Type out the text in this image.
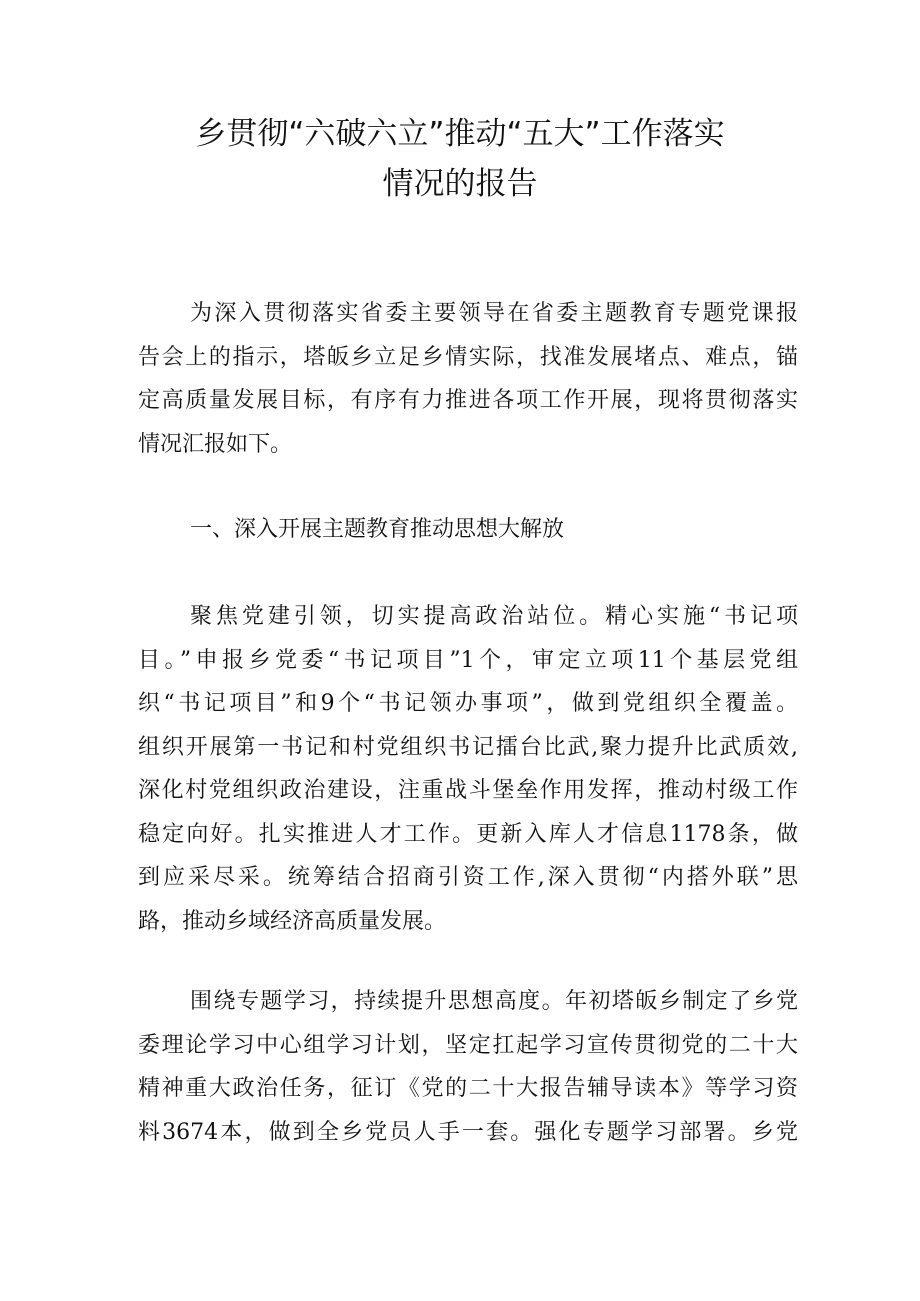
乡贯彻“六破六立”推动“五大”工作落实
情况的报告
为深入贯彻落实省委主要领导在省委主题教育专题党课报
告会上的指示，塔皈乡立足乡情实际，找准发展堵点、难点，锚
定高质量发展目标，有序有力推进各项工作开展，现将贯彻落实
情况汇报如下。
一、深入开展主题教育推动思想大解放
聚焦党建引领，切实提高政治站位。精心实施“书记项
目。”申报乡党委“书记项目”1个，审定立项11个基层党组
织“书记项目”和9个“书记领办事项”，做到党组织全覆盖。
组织开展第一书记和村党组织书记擂台比武,聚力提升比武质效,
深化村党组织政治建设，注重战斗堡垒作用发挥，推动村级工作
稳定向好。扎实推进人才工作。更新入库人才信息1178条，做
到应采尽采。统筹结合招商引资工作,深入贯彻“内搭外联”思
路，推动乡域经济高质量发展。
围绕专题学习，持续提升思想高度。年初塔皈乡制定了乡党
委理论学习中心组学习计划，坚定扛起学习宣传贯彻党的二十大
精神重大政治任务，征订《党的二十大报告辅导读本》等学习资
料3674本，做到全乡党员人手一套。强化专题学习部署。乡党
